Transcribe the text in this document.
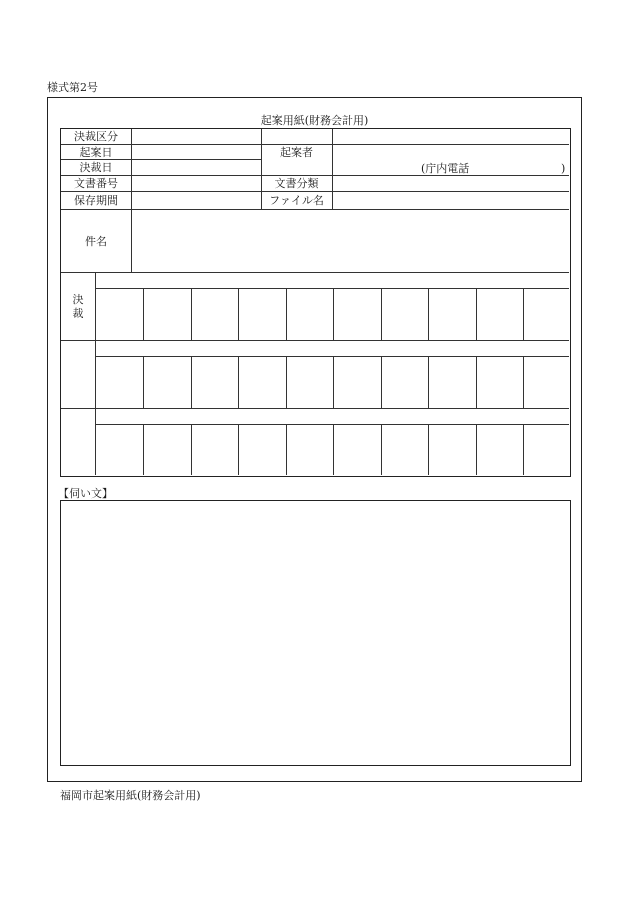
様式第2号
起案用紙(財務会計用)
決裁区分
起案日
決裁日
文書番号
保存期間
起案者
(庁内電話	)
文書分類
ファイル名
件名
決
裁
【伺い文】
福岡市起案用紙(財務会計用)
